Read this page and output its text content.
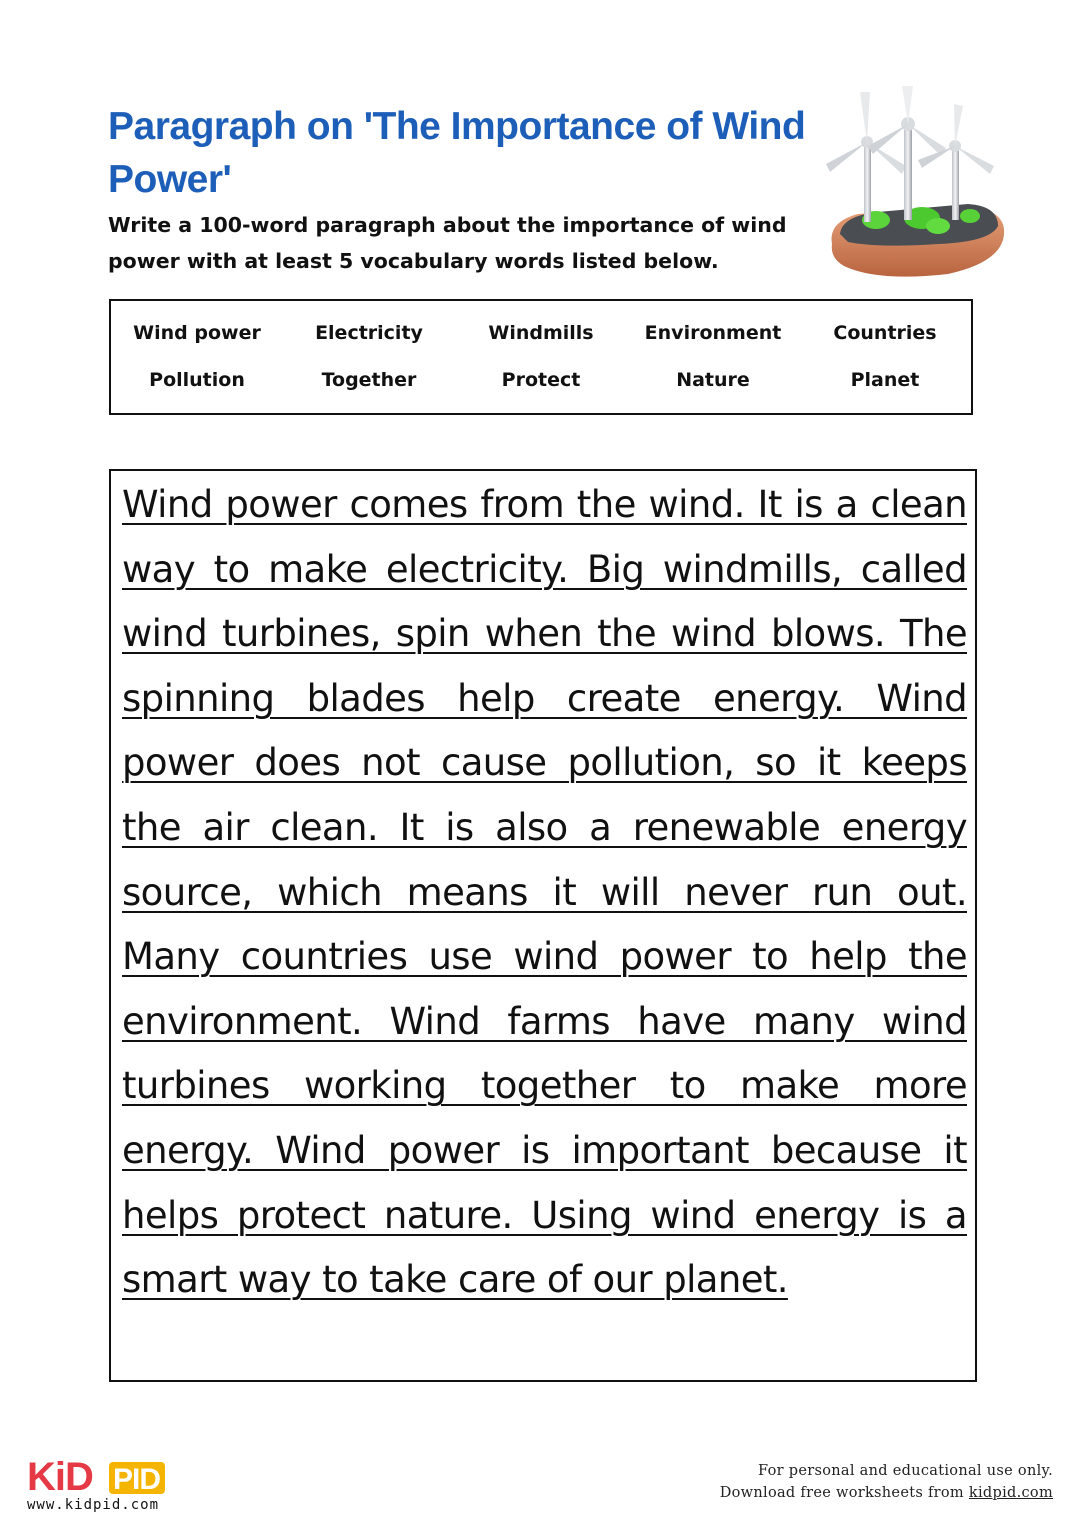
Paragraph on 'The Importance of Wind Power'

Write a 100-word paragraph about the importance of wind power with at least 5 vocabulary words listed below.

Wind power	Electricity	Windmills	Environment	Countries
Pollution	Together	Protect	Nature	Planet

Wind power comes from the wind. It is a clean way to make electricity. Big windmills, called wind turbines, spin when the wind blows. The spinning blades help create energy. Wind power does not cause pollution, so it keeps the air clean. It is also a renewable energy source, which means it will never run out. Many countries use wind power to help the environment. Wind farms have many wind turbines working together to make more energy. Wind power is important because it helps protect nature. Using wind energy is a smart way to take care of our planet.

KiD PID
www.kidpid.com
For personal and educational use only.
Download free worksheets from kidpid.com
